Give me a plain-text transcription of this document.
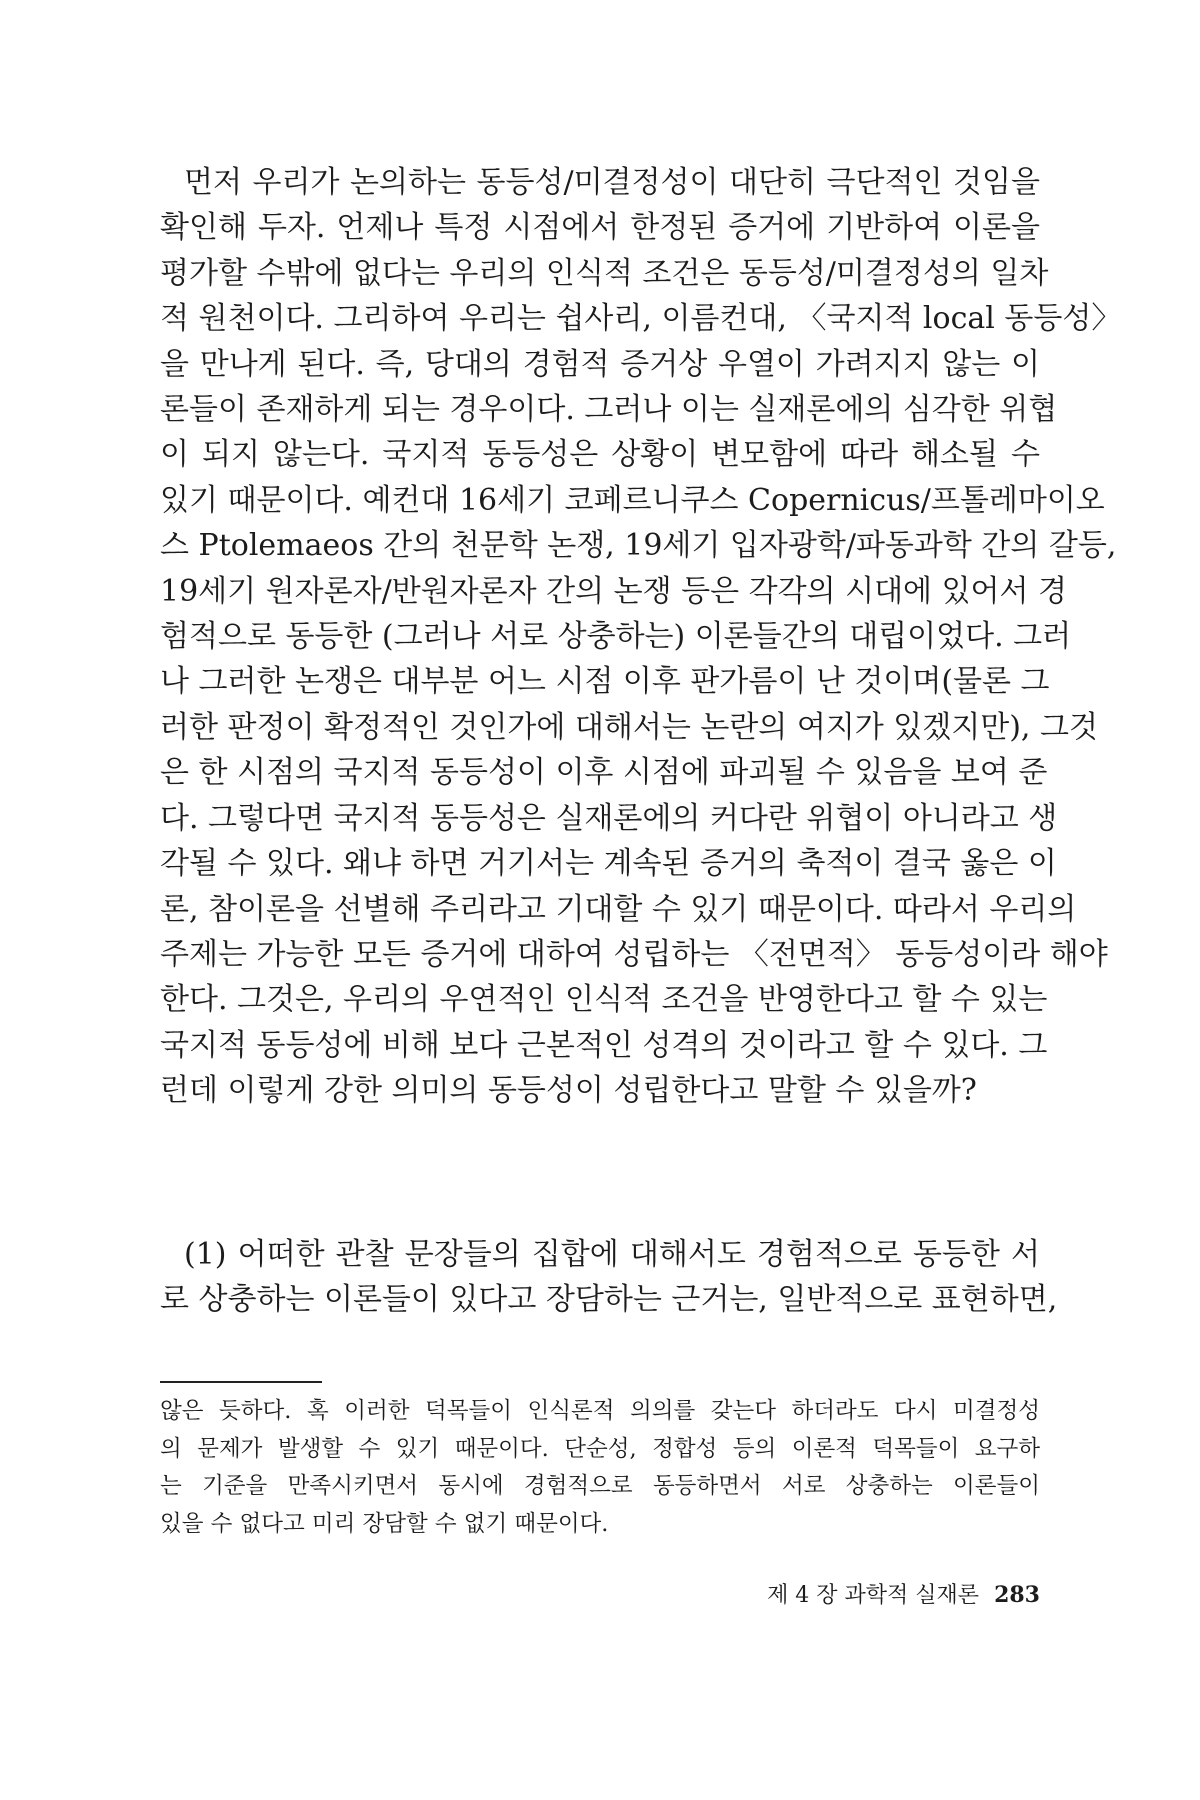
먼저 우리가 논의하는 동등성/미결정성이 대단히 극단적인 것임을
확인해 두자. 언제나 특정 시점에서 한정된 증거에 기반하여 이론을
평가할 수밖에 없다는 우리의 인식적 조건은 동등성/미결정성의 일차
적 원천이다. 그리하여 우리는 쉽사리, 이름컨대, 〈국지적 local 동등성〉
을 만나게 된다. 즉, 당대의 경험적 증거상 우열이 가려지지 않는 이
론들이 존재하게 되는 경우이다. 그러나 이는 실재론에의 심각한 위협
이 되지 않는다. 국지적 동등성은 상황이 변모함에 따라 해소될 수
있기 때문이다. 예컨대 16세기 코페르니쿠스 Copernicus/프톨레마이오
스 Ptolemaeos 간의 천문학 논쟁, 19세기 입자광학/파동과학 간의 갈등,
19세기 원자론자/반원자론자 간의 논쟁 등은 각각의 시대에 있어서 경
험적으로 동등한 (그러나 서로 상충하는) 이론들간의 대립이었다. 그러
나 그러한 논쟁은 대부분 어느 시점 이후 판가름이 난 것이며(물론 그
러한 판정이 확정적인 것인가에 대해서는 논란의 여지가 있겠지만), 그것
은 한 시점의 국지적 동등성이 이후 시점에 파괴될 수 있음을 보여 준
다. 그렇다면 국지적 동등성은 실재론에의 커다란 위협이 아니라고 생
각될 수 있다. 왜냐 하면 거기서는 계속된 증거의 축적이 결국 옳은 이
론, 참이론을 선별해 주리라고 기대할 수 있기 때문이다. 따라서 우리의
주제는 가능한 모든 증거에 대하여 성립하는 〈전면적〉 동등성이라 해야
한다. 그것은, 우리의 우연적인 인식적 조건을 반영한다고 할 수 있는
국지적 동등성에 비해 보다 근본적인 성격의 것이라고 할 수 있다. 그
런데 이렇게 강한 의미의 동등성이 성립한다고 말할 수 있을까?
(1) 어떠한 관찰 문장들의 집합에 대해서도 경험적으로 동등한 서
로 상충하는 이론들이 있다고 장담하는 근거는, 일반적으로 표현하면,
않은 듯하다. 혹 이러한 덕목들이 인식론적 의의를 갖는다 하더라도 다시 미결정성
의 문제가 발생할 수 있기 때문이다. 단순성, 정합성 등의 이론적 덕목들이 요구하
는 기준을 만족시키면서 동시에 경험적으로 동등하면서 서로 상충하는 이론들이
있을 수 없다고 미리 장담할 수 없기 때문이다.
제 4 장 과학적 실재론 283
